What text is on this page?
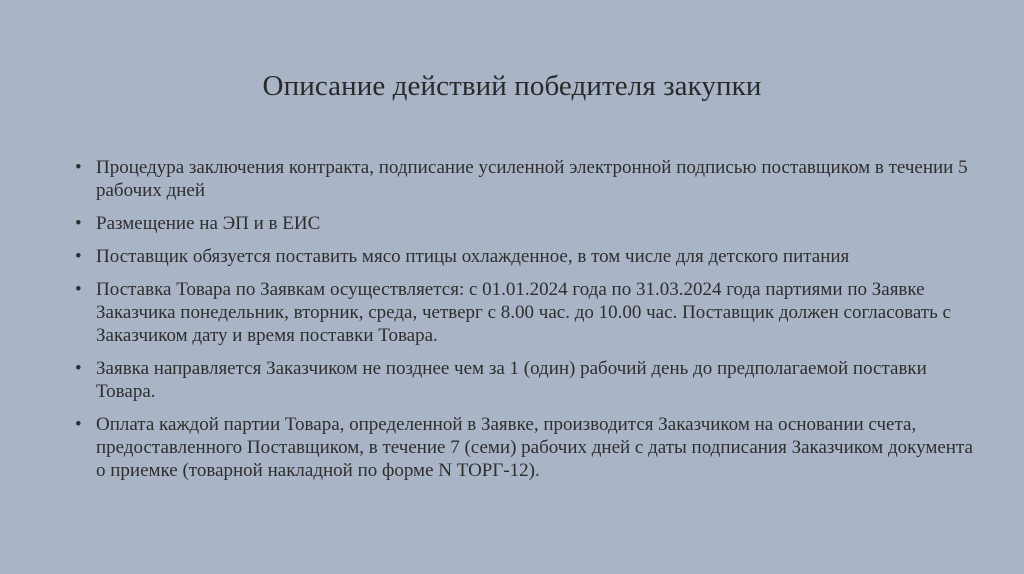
Описание действий победителя закупки
• Процедура заключения контракта, подписание усиленной электронной подписью поставщиком в течении 5 рабочих дней
• Размещение на ЭП и в ЕИС
• Поставщик обязуется поставить мясо птицы охлажденное, в том числе для детского питания
• Поставка Товара по Заявкам осуществляется: с 01.01.2024 года по 31.03.2024 года партиями по Заявке Заказчика понедельник, вторник, среда, четверг с 8.00 час. до 10.00 час. Поставщик должен согласовать с Заказчиком дату и время поставки Товара.
• Заявка направляется Заказчиком не позднее чем за 1 (один) рабочий день до предполагаемой поставки Товара.
• Оплата каждой партии Товара, определенной в Заявке, производится Заказчиком на основании счета, предоставленного Поставщиком, в течение 7 (семи) рабочих дней с даты подписания Заказчиком документа о приемке (товарной накладной по форме N ТОРГ-12).
